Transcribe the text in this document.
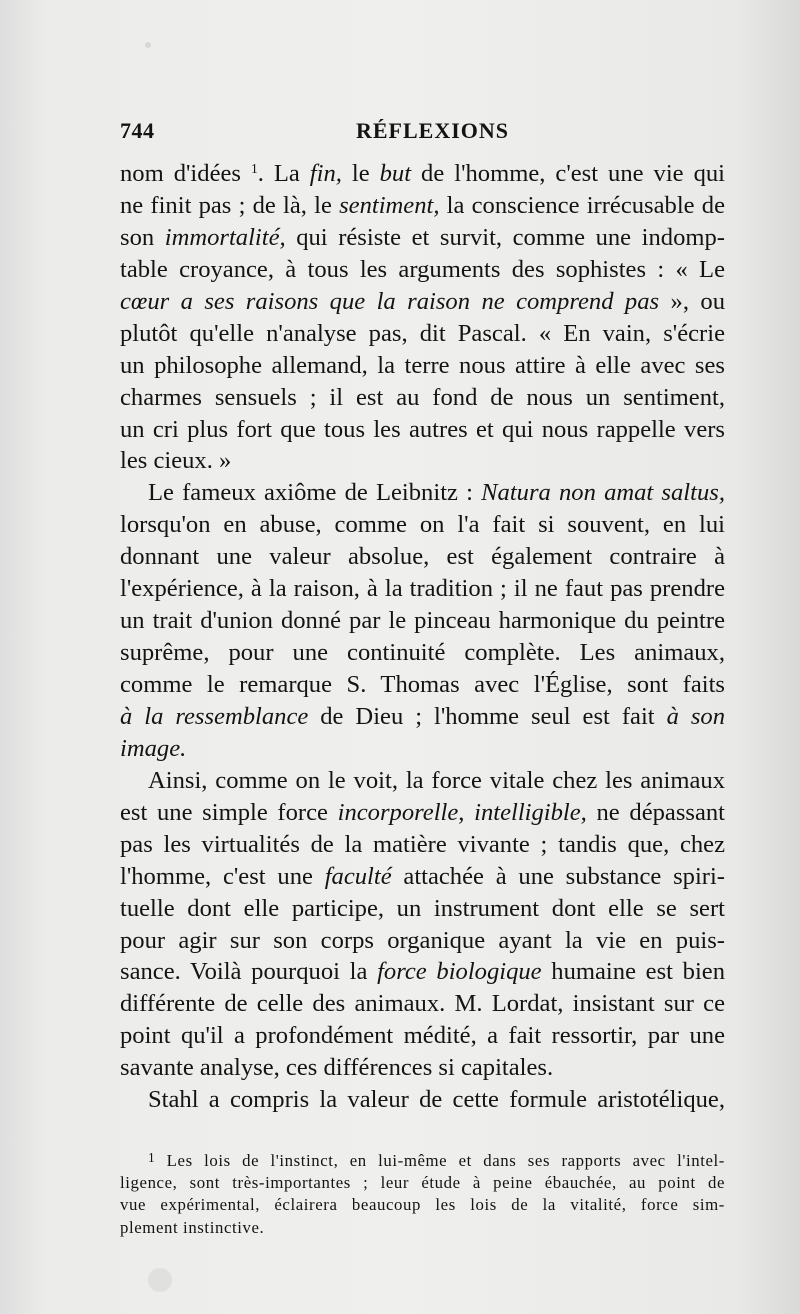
744	RÉFLEXIONS
nom d'idées $^1$. La fin, le but de l'homme, c'est une vie qui
ne finit pas ; de là, le sentiment, la conscience irrécusable de
son immortalité, qui résiste et survit, comme une indomp-
table croyance, à tous les arguments des sophistes : « Le
cœur a ses raisons que la raison ne comprend pas », ou
plutôt qu'elle n'analyse pas, dit Pascal. « En vain, s'écrie
un philosophe allemand, la terre nous attire à elle avec ses
charmes sensuels ; il est au fond de nous un sentiment,
un cri plus fort que tous les autres et qui nous rappelle vers
les cieux. »
Le fameux axiôme de Leibnitz : Natura non amat saltus,
lorsqu'on en abuse, comme on l'a fait si souvent, en lui
donnant une valeur absolue, est également contraire à
l'expérience, à la raison, à la tradition ; il ne faut pas prendre
un trait d'union donné par le pinceau harmonique du peintre
suprême, pour une continuité complète. Les animaux,
comme le remarque S. Thomas avec l'Église, sont faits
à la ressemblance de Dieu ; l'homme seul est fait à son
image.
Ainsi, comme on le voit, la force vitale chez les animaux
est une simple force incorporelle, intelligible, ne dépassant
pas les virtualités de la matière vivante ; tandis que, chez
l'homme, c'est une faculté attachée à une substance spiri-
tuelle dont elle participe, un instrument dont elle se sert
pour agir sur son corps organique ayant la vie en puis-
sance. Voilà pourquoi la force biologique humaine est bien
différente de celle des animaux. M. Lordat, insistant sur ce
point qu'il a profondément médité, a fait ressortir, par une
savante analyse, ces différences si capitales.
Stahl a compris la valeur de cette formule aristotélique,
$^1$ Les lois de l'instinct, en lui-même et dans ses rapports avec l'intel-
ligence, sont très-importantes ; leur étude à peine ébauchée, au point de
vue expérimental, éclairera beaucoup les lois de la vitalité, force sim-
plement instinctive.
